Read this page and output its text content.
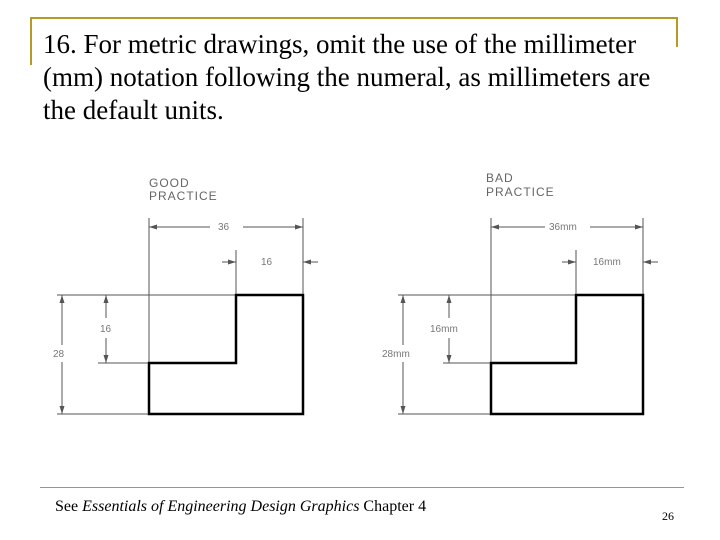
16. For metric drawings, omit the use of the millimeter (mm) notation following the numeral, as millimeters are the default units.
GOOD
PRACTICE
36
16
16
28
BAD
PRACTICE
36mm
16mm
16mm
28mm
See Essentials of Engineering Design Graphics Chapter 4
26
